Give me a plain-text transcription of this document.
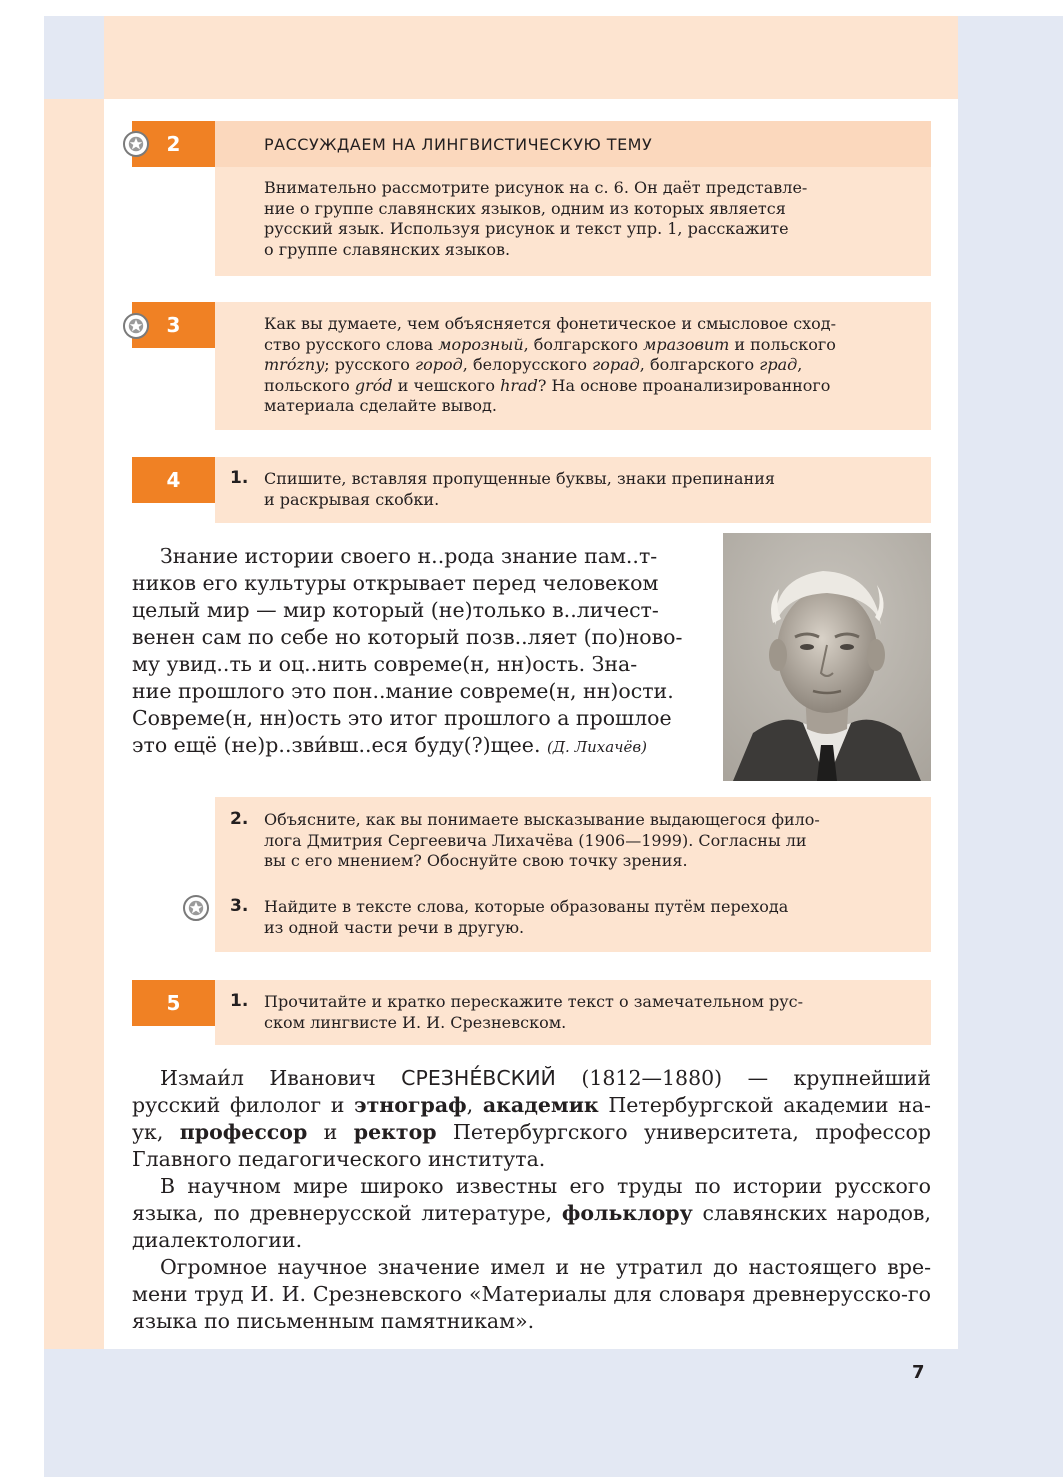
2	РАССУЖДАЕМ НА ЛИНГВИСТИЧЕСКУЮ ТЕМУ
Внимательно рассмотрите рисунок на с. 6. Он даёт представле-
ние о группе славянских языков, одним из которых является
русский язык. Используя рисунок и текст упр. 1, расскажите
о группе славянских языков.
3	Как вы думаете, чем объясняется фонетическое и смысловое сход-
ство русского слова морозный, болгарского мразовит и польского
mrózny; русского город, белорусского горад, болгарского град,
польского gród и чешского hrad? На основе проанализированного
материала сделайте вывод.
4	1. Спишите, вставляя пропущенные буквы, знаки препинания
и раскрывая скобки.
Знание истории своего н..рода знание пам..т-
ников его культуры открывает перед человеком
целый мир — мир который (не)только в..личест-
венен сам по себе но который позв..ляет (по)ново-
му увид..ть и оц..нить совреме(н, нн)ость. Зна-
ние прошлого это пон..мание совреме(н, нн)ости.
Совреме(н, нн)ость это итог прошлого а прошлое
это ещё (не)р..зви́вш..еся буду(?)щее. (Д. Лихачёв)
2. Объясните, как вы понимаете высказывание выдающегося фило-
лога Дмитрия Сергеевича Лихачёва (1906—1999). Согласны ли
вы с его мнением? Обоснуйте свою точку зрения.
3. Найдите в тексте слова, которые образованы путём перехода
из одной части речи в другую.
5	1. Прочитайте и кратко перескажите текст о замечательном рус-
ском лингвисте И. И. Срезневском.

Измаи́л Иванович СРЕЗНЕ́ВСКИЙ (1812—1880) — крупнейший русский филолог и этнограф, академик Петербургской академии на-ук, профессор и ректор Петербургского университета, профессор Главного педагогического института.

В научном мире широко известны его труды по истории русского языка, по древнерусской литературе, фольклору славянских народов, диалектологии.

Огромное научное значение имел и не утратил до настоящего вре-мени труд И. И. Срезневского «Материалы для словаря древнерусско-го языка по письменным памятникам».

7
